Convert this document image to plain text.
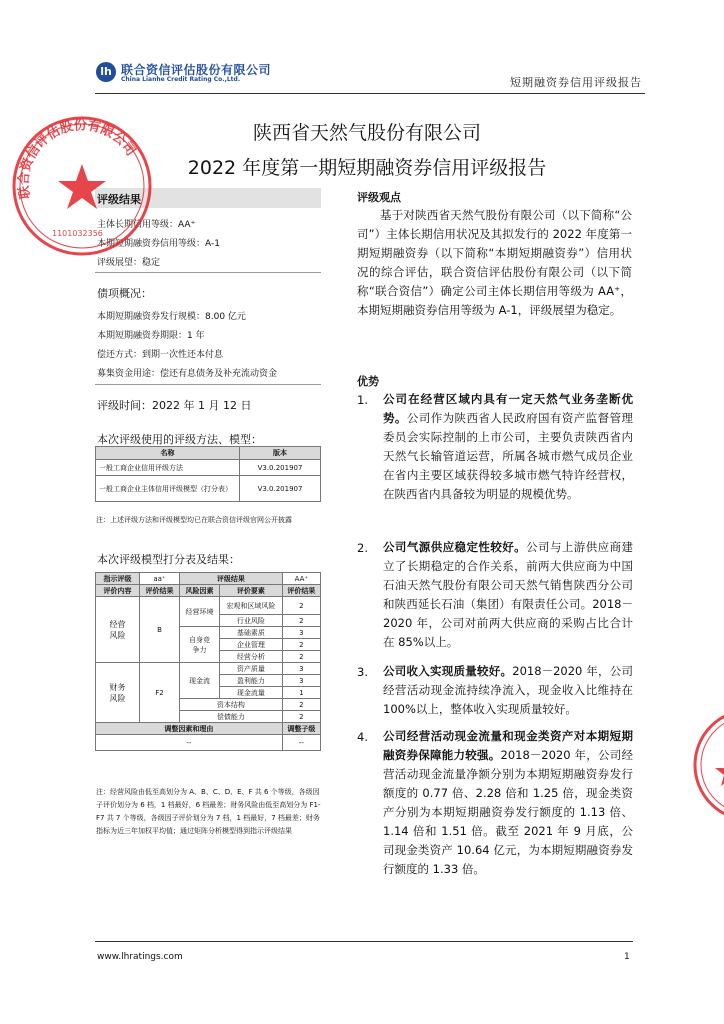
lh 联合资信评估股份有限公司
China Lianhe Credit Rating Co.,Ltd.	短期融资券信用评级报告
陕西省天然气股份有限公司
2022 年度第一期短期融资券信用评级报告
评级结果
主体长期信用等级：AA⁺
本期短期融资券信用等级：A-1
评级展望：稳定
债项概况：
本期短期融资券发行规模：8.00 亿元
本期短期融资券期限：1 年
偿还方式：到期一次性还本付息
募集资金用途：偿还有息债务及补充流动资金
评级时间：2022 年 1 月 12 日
本次评级使用的评级方法、模型：
名称	版本
一般工商企业信用评级方法	V3.0.201907
一般工商企业主体信用评级模型（打分表）	V3.0.201907
注：上述评级方法和评级模型均已在联合资信评级官网公开披露
本次评级模型打分表及结果：
指示评级	aa⁺	评级结果		AA⁺
评价内容	评价结果	风险因素	评价要素	评价结果
经营风险	B	经营环境	宏观和区域风险	2
			行业风险	2
		自身竞争力	基础素质	3
			企业管理	2
			经营分析	2
财务风险	F2	现金流	资产质量	3
			盈利能力	3
			现金流量	1
		资本结构		2
		偿债能力		2
调整因素和理由				调整子级
--				--
注：经营风险由低至高划分为 A、B、C、D、E、F 共 6 个等级，各级因子评价划分为 6 档，1 档最好，6 档最差；财务风险由低至高划分为 F1-F7 共 7 个等级，各级因子评价划分为 7 档，1 档最好，7 档最差；财务指标为近三年加权平均值；通过矩阵分析模型得到指示评级结果
评级观点
基于对陕西省天然气股份有限公司（以下简称“公司”）主体长期信用状况及其拟发行的 2022 年度第一期短期融资券（以下简称“本期短期融资券”）信用状况的综合评估，联合资信评估股份有限公司（以下简称“联合资信”）确定公司主体长期信用等级为 AA⁺，本期短期融资券信用等级为 A-1，评级展望为稳定。
优势
1. 公司在经营区域内具有一定天然气业务垄断优势。公司作为陕西省人民政府国有资产监督管理委员会实际控制的上市公司，主要负责陕西省内天然气长输管道运营，所属各城市燃气成员企业在省内主要区域获得较多城市燃气特许经营权，在陕西省内具备较为明显的规模优势。
2. 公司气源供应稳定性较好。公司与上游供应商建立了长期稳定的合作关系，前两大供应商为中国石油天然气股份有限公司天然气销售陕西分公司和陕西延长石油（集团）有限责任公司。2018－2020 年，公司对前两大供应商的采购占比合计在 85%以上。
3. 公司收入实现质量较好。2018－2020 年，公司经营活动现金流持续净流入，现金收入比维持在 100%以上，整体收入实现质量较好。
4. 公司经营活动现金流量和现金类资产对本期短期融资券保障能力较强。2018－2020 年，公司经营活动现金流量净额分别为本期短期融资券发行额度的 0.77 倍、2.28 倍和 1.25 倍，现金类资产分别为本期短期融资券发行额度的 1.13 倍、1.14 倍和 1.51 倍。截至 2021 年 9 月底，公司现金类资产 10.64 亿元，为本期短期融资券发行额度的 1.33 倍。
联合资信评估股份有限公司
1101032356
www.lhratings.com	1
